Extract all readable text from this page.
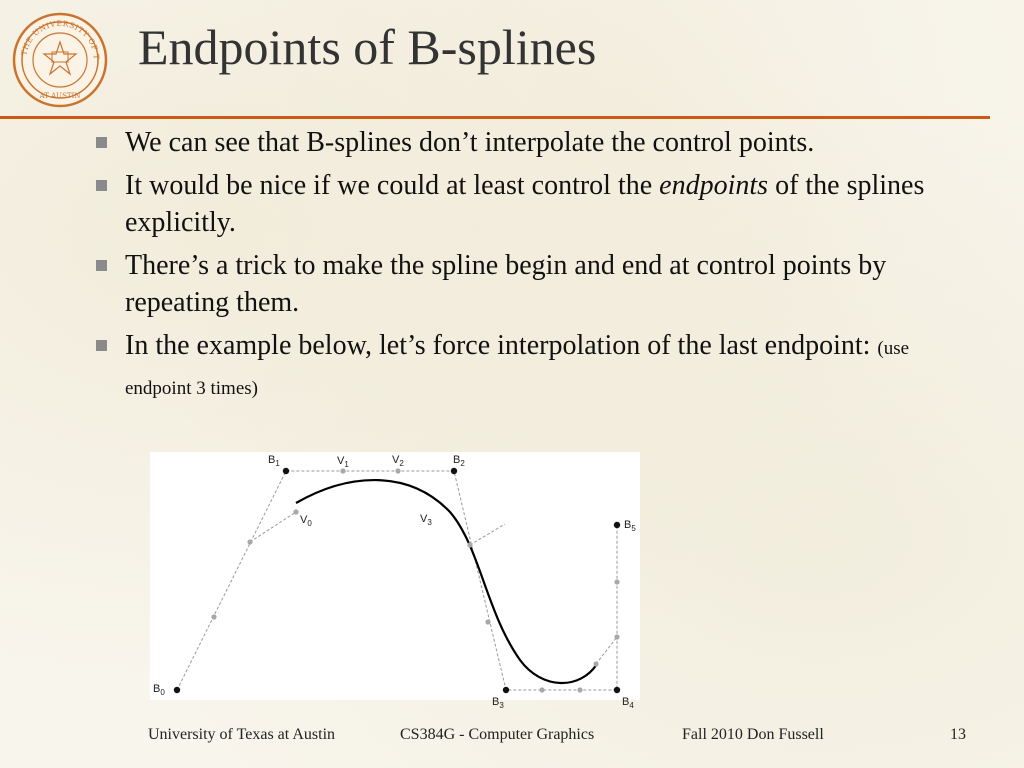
THE UNIVERSITY OF T
AT AUSTIN
Endpoints of B-splines
We can see that B-splines don’t interpolate the control points.
It would be nice if we could at least control the endpoints of the splines explicitly.
There’s a trick to make the spline begin and end at control points by repeating them.
In the example below, let’s force interpolation of the last endpoint: (use endpoint 3 times)
$B_0$
$B_1$	$V_1$	$V_2$	$B_2$
$V_0$	$V_3$	$B_5$
$B_3$	$B_4$
University of Texas at Austin	CS384G - Computer Graphics	Fall 2010 Don Fussell	13
